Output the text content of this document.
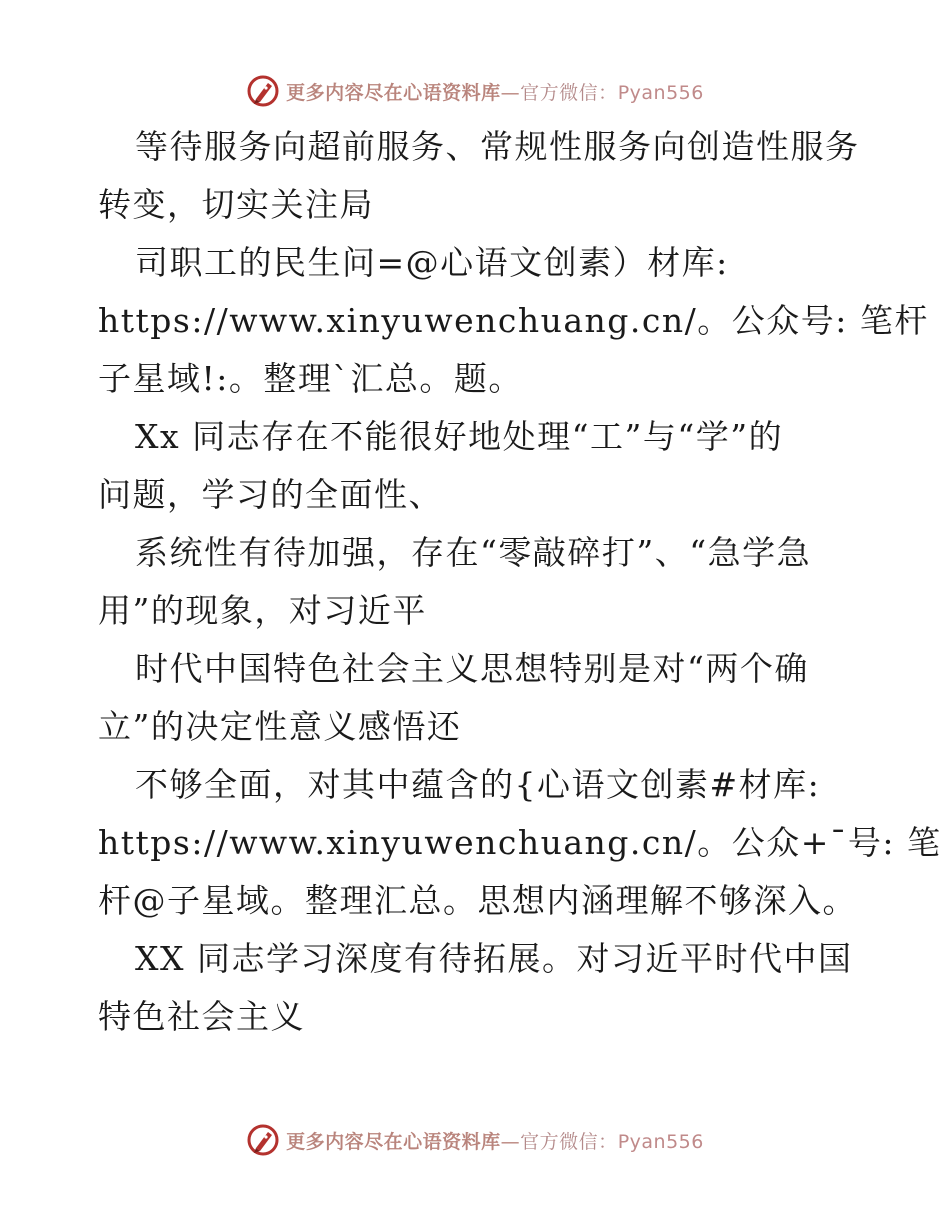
更多内容尽在心语资料库—官方微信：Pyan556
等待服务向超前服务、常规性服务向创造性服务
转变，切实关注局
司职工的民生问=@心语文创素）材库:
https://www.xinyuwenchuang.cn/。公众号: 笔杆
子星域!:。整理`汇总。题。
Xx 同志存在不能很好地处理“工”与“学”的
问题，学习的全面性、
系统性有待加强，存在“零敲碎打”、“急学急
用”的现象，对习近平
时代中国特色社会主义思想特别是对“两个确
立”的决定性意义感悟还
不够全面，对其中蕴含的{心语文创素#材库:
https://www.xinyuwenchuang.cn/。公众+¯号: 笔
杆@子星域。整理汇总。思想内涵理解不够深入。
XX 同志学习深度有待拓展。对习近平时代中国
特色社会主义
更多内容尽在心语资料库—官方微信：Pyan556
